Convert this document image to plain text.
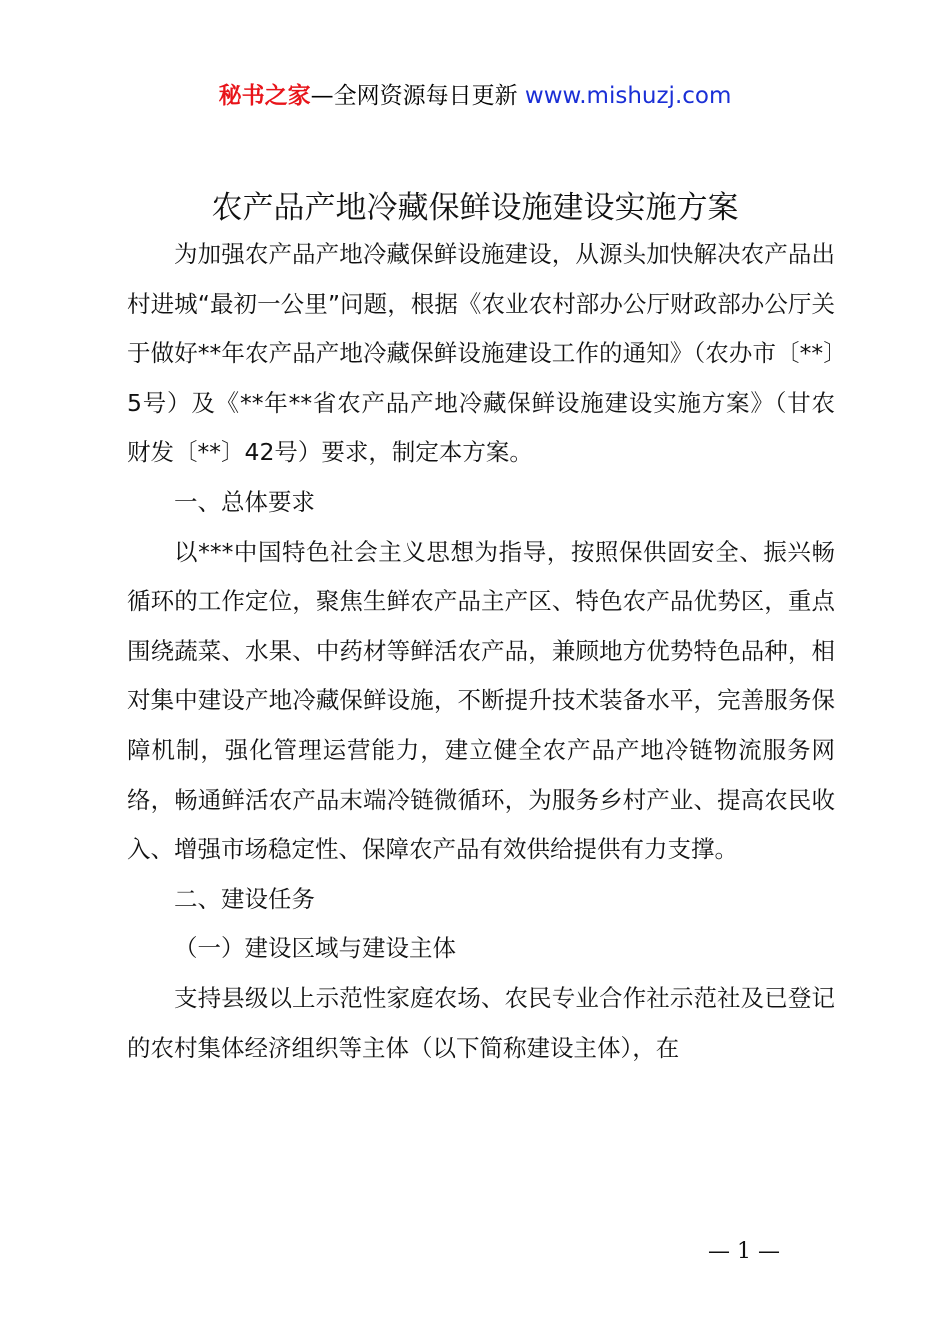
秘书之家—全网资源每日更新 www.mishuzj.com
农产品产地冷藏保鲜设施建设实施方案

为加强农产品产地冷藏保鲜设施建设，从源头加快解决农产品出村进城“最初一公里”问题，根据《农业农村部办公厅财政部办公厅关于做好**年农产品产地冷藏保鲜设施建设工作的通知》（农办市〔**〕5号）及《**年**省农产品产地冷藏保鲜设施建设实施方案》（甘农财发〔**〕42号）要求，制定本方案。

一、总体要求

以***中国特色社会主义思想为指导，按照保供固安全、振兴畅循环的工作定位，聚焦生鲜农产品主产区、特色农产品优势区，重点围绕蔬菜、水果、中药材等鲜活农产品，兼顾地方优势特色品种，相对集中建设产地冷藏保鲜设施，不断提升技术装备水平，完善服务保障机制，强化管理运营能力，建立健全农产品产地冷链物流服务网络，畅通鲜活农产品末端冷链微循环，为服务乡村产业、提高农民收入、增强市场稳定性、保障农产品有效供给提供有力支撑。

二、建设任务

（一）建设区域与建设主体

支持县级以上示范性家庭农场、农民专业合作社示范社及已登记的农村集体经济组织等主体（以下简称建设主体），在

— 1 —
